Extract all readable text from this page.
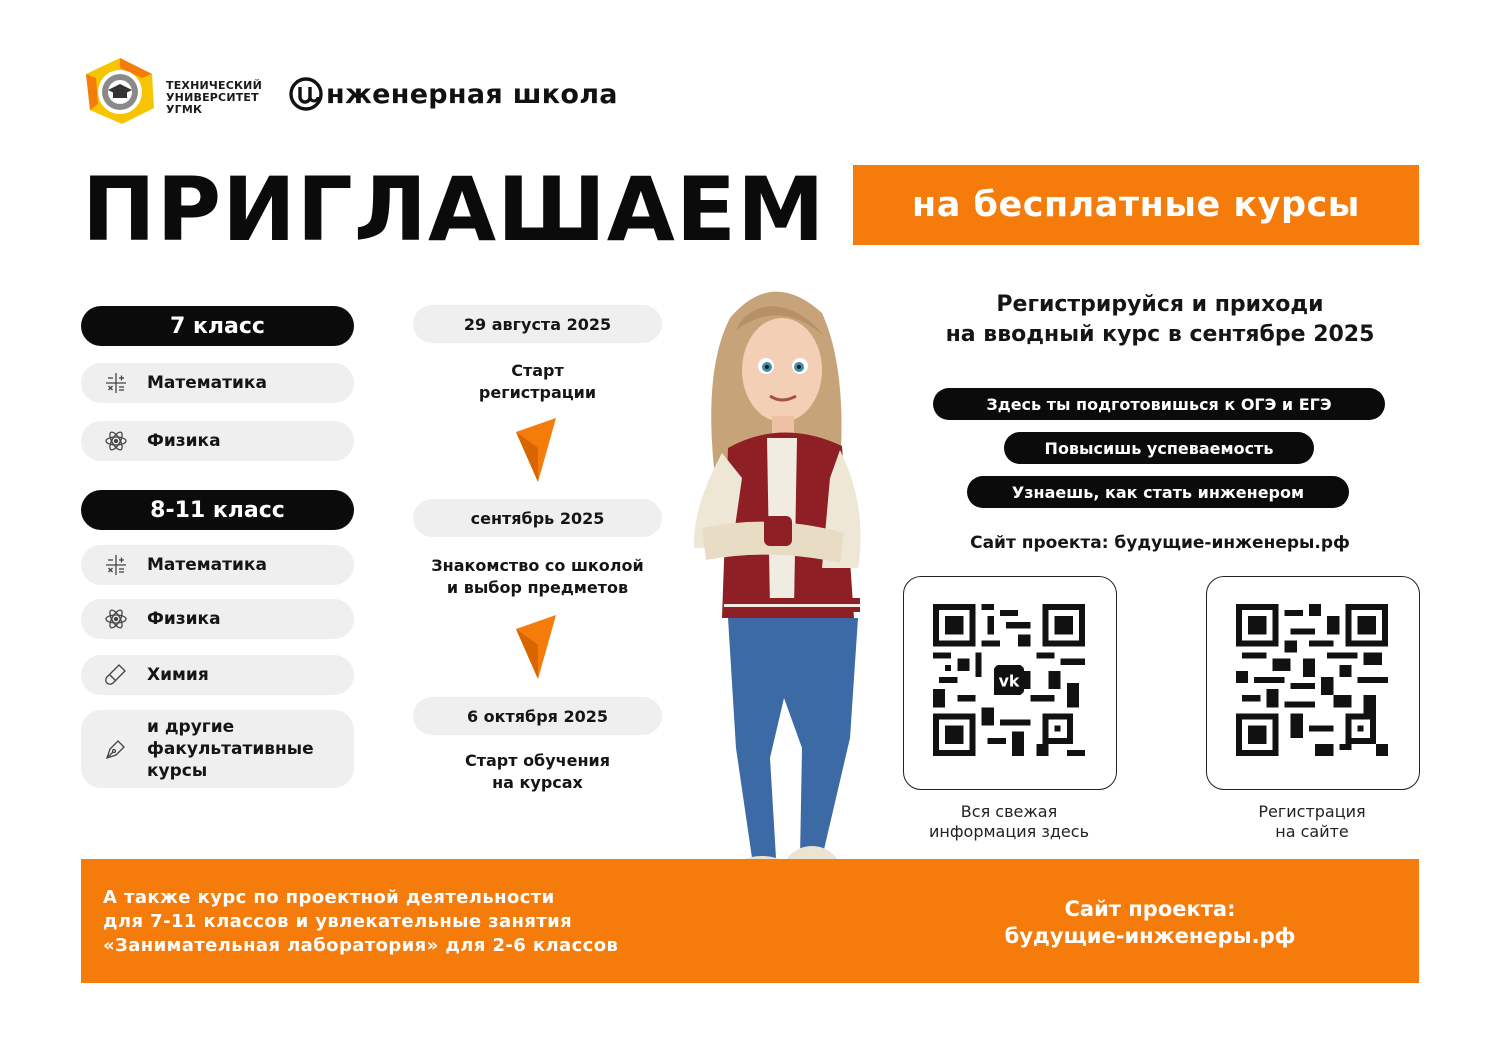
ТЕХНИЧЕСКИЙ
УНИВЕРСИТЕТ
УГМК	нженерная школа
ПРИГЛАШАЕМ	на бесплатные курсы
7 класс
Математика
Физика
8-11 класс
Математика
Физика
Химия
и другие
факультативные
курсы
29 августа 2025
Старт
регистрации
сентябрь 2025
Знакомство со школой
и выбор предметов
6 октября 2025
Старт обучения
на курсах
Регистрируйся и приходи
на вводный курс в сентябре 2025
Здесь ты подготовишься к ОГЭ и ЕГЭ
Повысишь успеваемость
Узнаешь, как стать инженером
Сайт проекта: будущие-инженеры.рф
vk
Вся свежая
информация здесь
Регистрация
на сайте
А также курс по проектной деятельности
для 7-11 классов и увлекательные занятия
«Занимательная лаборатория» для 2-6 классов
Сайт проекта:
будущие-инженеры.рф
